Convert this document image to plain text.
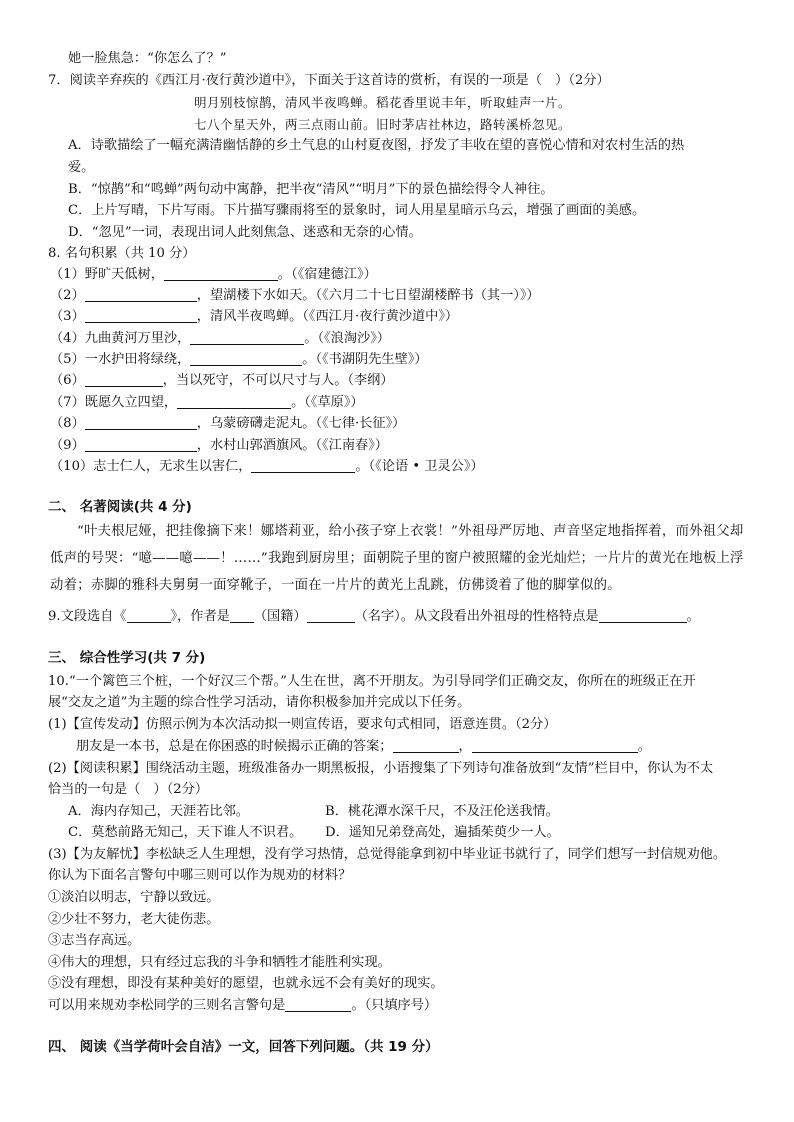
她一脸焦急：“你怎么了？”
7．阅读辛弃疾的《西江月·夜行黄沙道中》，下面关于这首诗的赏析，有误的一项是（　）（2分）
明月别枝惊鹊，清风半夜鸣蝉。稻花香里说丰年，听取蛙声一片。
七八个星天外，两三点雨山前。旧时茅店社林边，路转溪桥忽见。
A．诗歌描绘了一幅充满清幽恬静的乡土气息的山村夏夜图，抒发了丰收在望的喜悦心情和对农村生活的热
爱。
B．“惊鹊”和“鸣蝉”两句动中寓静，把半夜“清风”“明月”下的景色描绘得令人神往。
C．上片写晴，下片写雨。下片描写骤雨将至的景象时，词人用星星暗示乌云，增强了画面的美感。
D．“忽见”一词，表现出词人此刻焦急、迷惑和无奈的心情。
8. 名句积累（共 10 分）
（1）野旷天低树，	。（《宿建德江》）
（2）	，望湖楼下水如天。（《六月二十七日望湖楼醉书（其一）》）
（3）	，清风半夜鸣蝉。（《西江月·夜行黄沙道中》）
（4）九曲黄河万里沙，	。（《浪淘沙》）
（5）一水护田将绿绕，	。（《书湖阴先生壁》）
（6）	，当以死守，不可以尺寸与人。（李纲）
（7）既愿久立四望，	。（《草原》）
（8）	，乌蒙磅礴走泥丸。（《七律·长征》）
（9）	，水村山郭酒旗风。（《江南春》）
（10）志士仁人，无求生以害仁，	。（《论语 • 卫灵公》）
二、 名著阅读(共 4 分)
“叶夫根尼娅，把挂像摘下来！娜塔莉亚，给小孩子穿上衣裳！”外祖母严厉地、声音坚定地指挥着，而外祖父却低声的号哭：“噫——噫——！……”我跑到厨房里；面朝院子里的窗户被照耀的金光灿烂；一片片的黄光在地板上浮动着；赤脚的雅科夫舅舅一面穿靴子，一面在一片片的黄光上乱跳，仿佛烫着了他的脚掌似的。
9.文段选自《	》，作者是 （国籍）	（名字）。从文段看出外祖母的性格特点是	。
三、 综合性学习(共 7 分)
10.“一个篱笆三个桩，一个好汉三个帮。”人生在世，离不开朋友。为引导同学们正确交友，你所在的班级正在开
展“交友之道”为主题的综合性学习活动，请你积极参加并完成以下任务。
(1)【宣传发动】仿照示例为本次活动拟一则宣传语，要求句式相同，语意连贯。（2分）
朋友是一本书，总是在你困惑的时候揭示正确的答案；	，	。
(2)【阅读积累】围绕活动主题，班级准备办一期黑板报，小语搜集了下列诗句准备放到“友情”栏目中，你认为不太
恰当的一句是（　）（2分）
A．海内存知己，天涯若比邻。	B．桃花潭水深千尺，不及汪伦送我情。
C．莫愁前路无知己，天下谁人不识君。 D．遥知兄弟登高处，遍插茱萸少一人。
(3)【为友解忧】李松缺乏人生理想，没有学习热情，总觉得能拿到初中毕业证书就行了，同学们想写一封信规劝他。
你认为下面名言警句中哪三则可以作为规劝的材料？
①淡泊以明志，宁静以致远。
②少壮不努力，老大徒伤悲。
③志当存高远。
④伟大的理想，只有经过忘我的斗争和牺牲才能胜利实现。
⑤没有理想，即没有某种美好的愿望，也就永远不会有美好的现实。
可以用来规劝李松同学的三则名言警句是	。（只填序号）
四、 阅读《当学荷叶会自洁》一文，回答下列问题。（共 19 分）
